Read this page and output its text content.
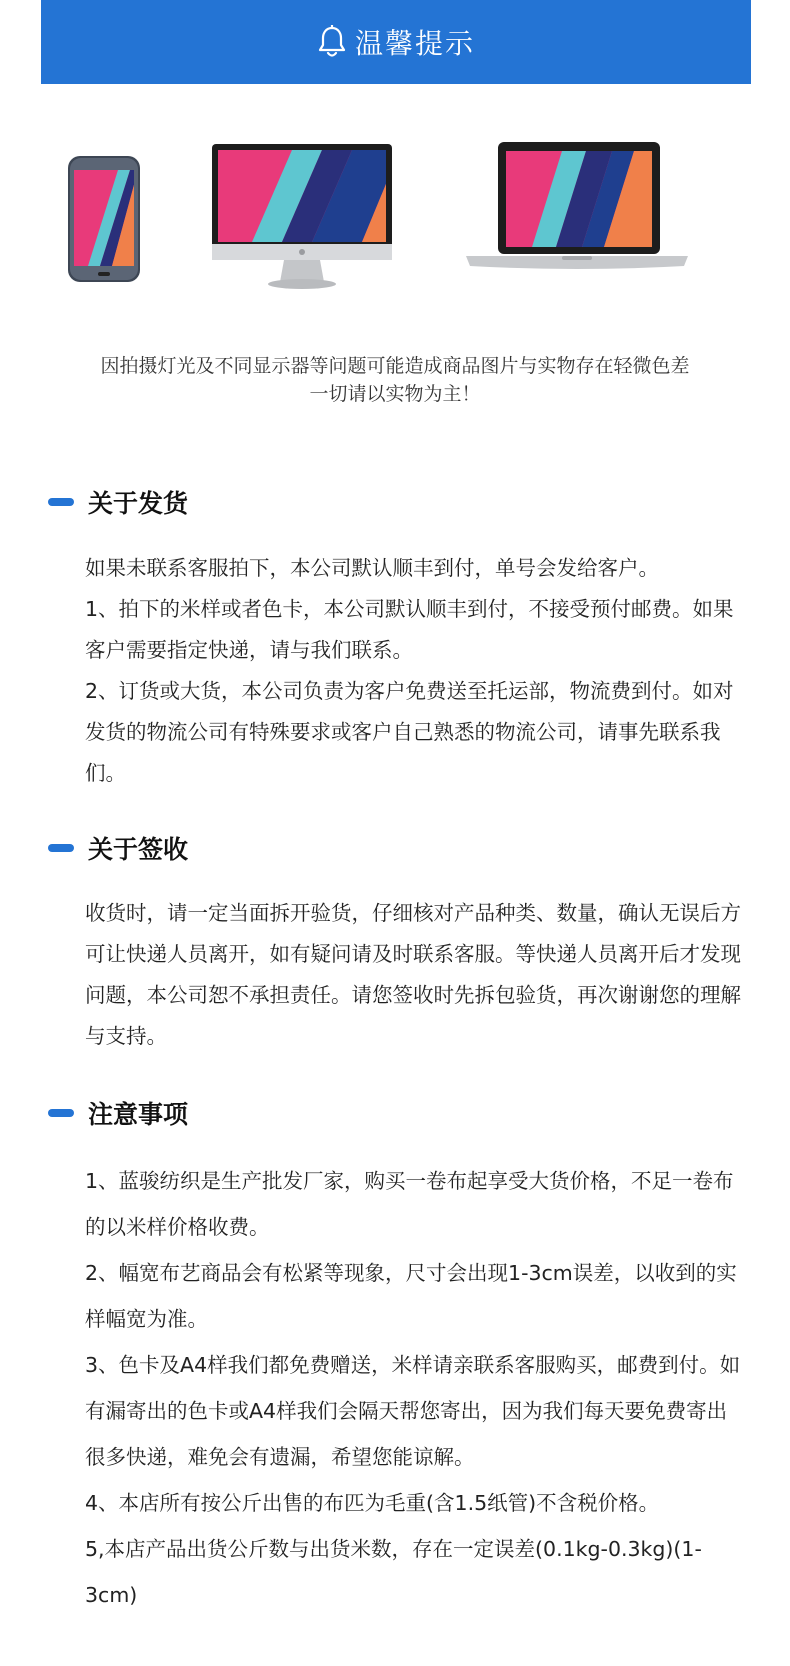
温馨提示
因拍摄灯光及不同显示器等问题可能造成商品图片与实物存在轻微色差
一切请以实物为主！
关于发货

如果未联系客服拍下，本公司默认顺丰到付，单号会发给客户。

1、拍下的米样或者色卡，本公司默认顺丰到付，不接受预付邮费。如果客户需要指定快递，请与我们联系。

2、订货或大货，本公司负责为客户免费送至托运部，物流费到付。如对发货的物流公司有特殊要求或客户自己熟悉的物流公司，请事先联系我们。

关于签收

收货时，请一定当面拆开验货，仔细核对产品种类、数量，确认无误后方可让快递人员离开，如有疑问请及时联系客服。等快递人员离开后才发现问题，本公司恕不承担责任。请您签收时先拆包验货，再次谢谢您的理解与支持。

注意事项

1、蓝骏纺织是生产批发厂家，购买一卷布起享受大货价格，不足一卷布的以米样价格收费。

2、幅宽布艺商品会有松紧等现象，尺寸会出现1-3cm误差，以收到的实样幅宽为准。

3、色卡及A4样我们都免费赠送，米样请亲联系客服购买，邮费到付。如有漏寄出的色卡或A4样我们会隔天帮您寄出，因为我们每天要免费寄出很多快递，难免会有遗漏，希望您能谅解。

4、本店所有按公斤出售的布匹为毛重(含1.5纸管)不含税价格。

5,本店产品出货公斤数与出货米数，存在一定误差(0.1kg-0.3kg)(1-3cm)
